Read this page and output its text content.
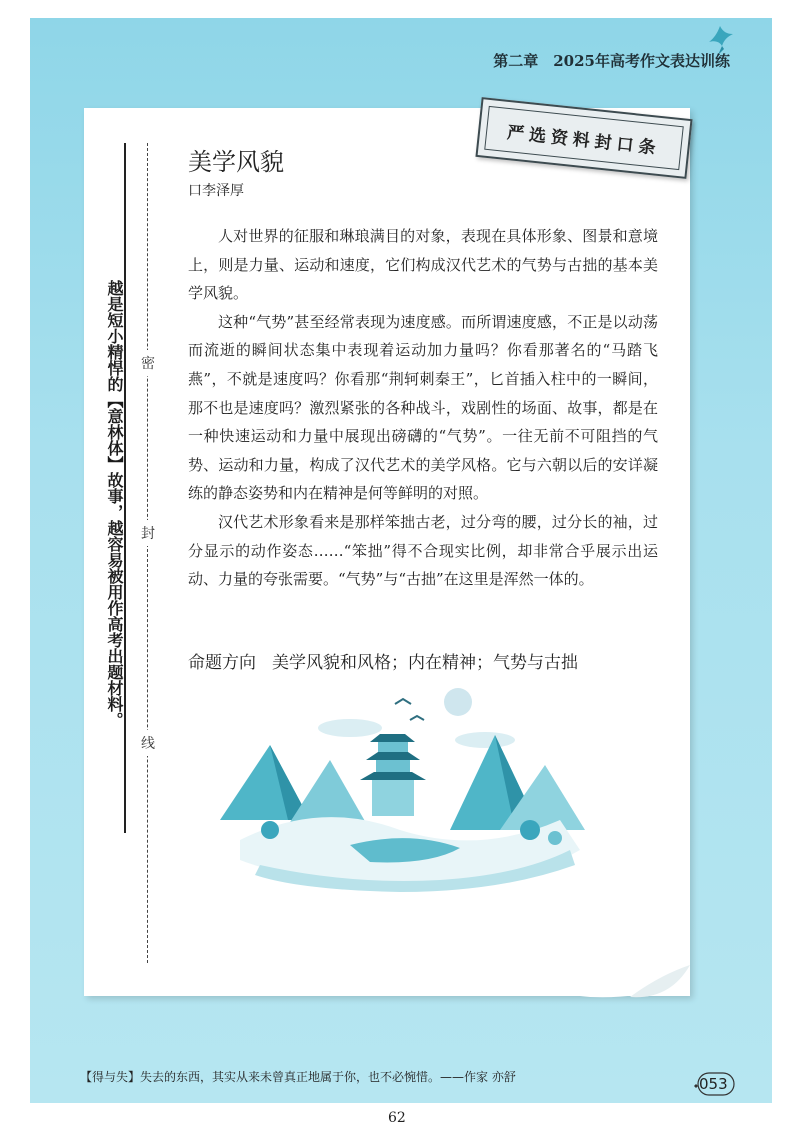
第二章　2025年高考作文表达训练
严选资料封口条
越是短小精悍的【意林体】故事，越容易被用作高考出题材料。 密
封
线
美学风貌
口李泽厚

人对世界的征服和琳琅满目的对象，表现在具体形象、图景和意境上，则是力量、运动和速度，它们构成汉代艺术的气势与古拙的基本美学风貌。

这种“气势”甚至经常表现为速度感。而所谓速度感，不正是以动荡而流逝的瞬间状态集中表现着运动加力量吗？你看那著名的“马踏飞燕”，不就是速度吗？你看那“荆轲刺秦王”，匕首插入柱中的一瞬间，那不也是速度吗？激烈紧张的各种战斗，戏剧性的场面、故事，都是在一种快速运动和力量中展现出磅礴的“气势”。一往无前不可阻挡的气势、运动和力量，构成了汉代艺术的美学风格。它与六朝以后的安详凝练的静态姿势和内在精神是何等鲜明的对照。

汉代艺术形象看来是那样笨拙古老，过分弯的腰，过分长的袖，过分显示的动作姿态……“笨拙”得不合现实比例，却非常合乎展示出运动、力量的夸张需要。“气势”与“古拙”在这里是浑然一体的。

命题方向 美学风貌和风格；内在精神；气势与古拙
【得与失】失去的东西，其实从来未曾真正地属于你，也不必惋惜。——作家 亦舒	053
62
